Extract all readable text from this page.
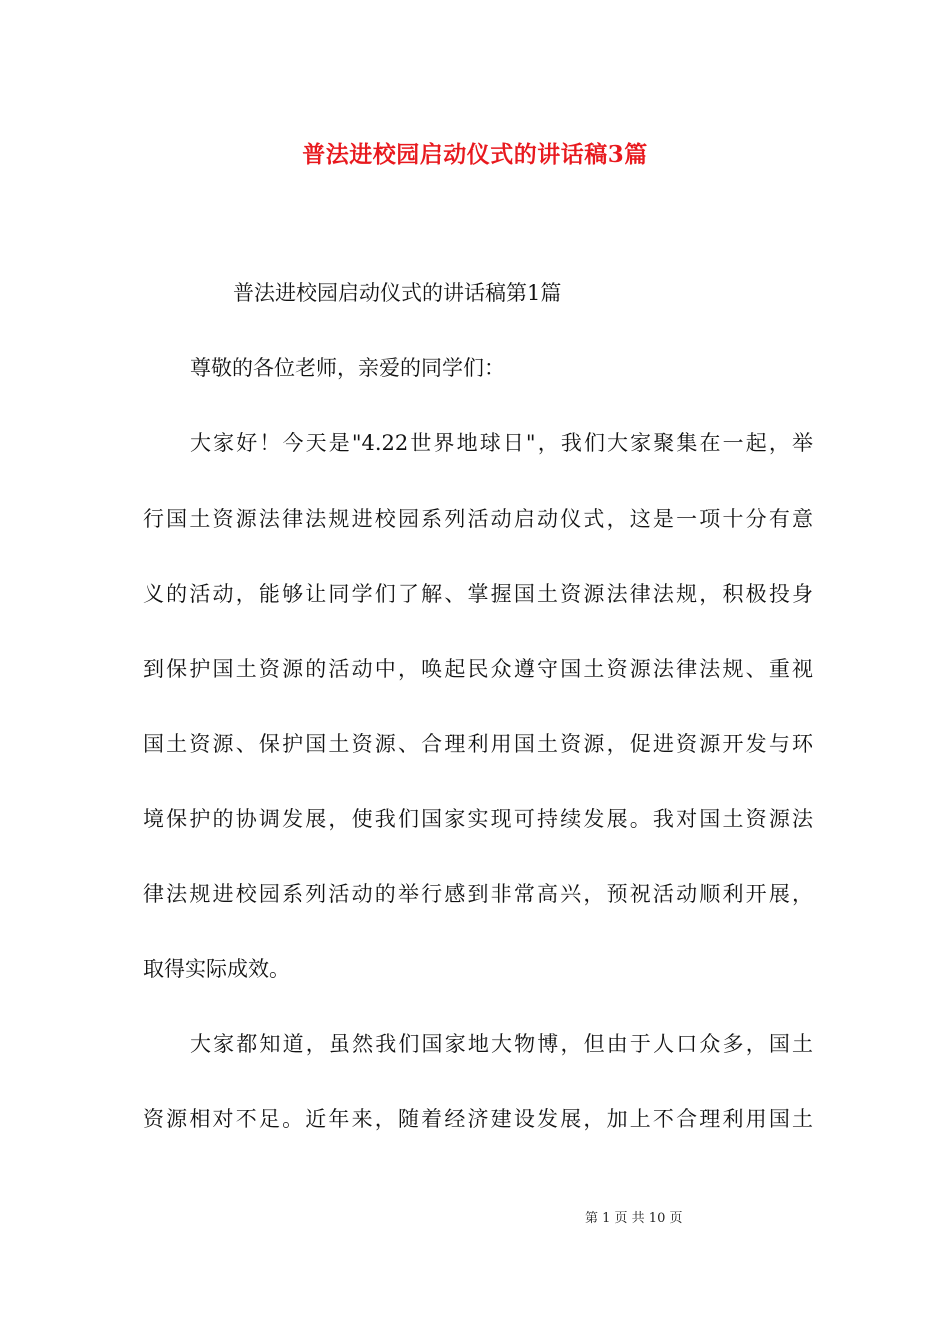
普法进校园启动仪式的讲话稿3篇
普法进校园启动仪式的讲话稿第1篇
尊敬的各位老师，亲爱的同学们：
大家好！今天是"4.22世界地球日"，我们大家聚集在一起，举
行国土资源法律法规进校园系列活动启动仪式，这是一项十分有意
义的活动，能够让同学们了解、掌握国土资源法律法规，积极投身
到保护国土资源的活动中，唤起民众遵守国土资源法律法规、重视
国土资源、保护国土资源、合理利用国土资源，促进资源开发与环
境保护的协调发展，使我们国家实现可持续发展。我对国土资源法
律法规进校园系列活动的举行感到非常高兴，预祝活动顺利开展，
取得实际成效。
大家都知道，虽然我们国家地大物博，但由于人口众多，国土
资源相对不足。近年来，随着经济建设发展，加上不合理利用国土
第 1 页 共 10 页
